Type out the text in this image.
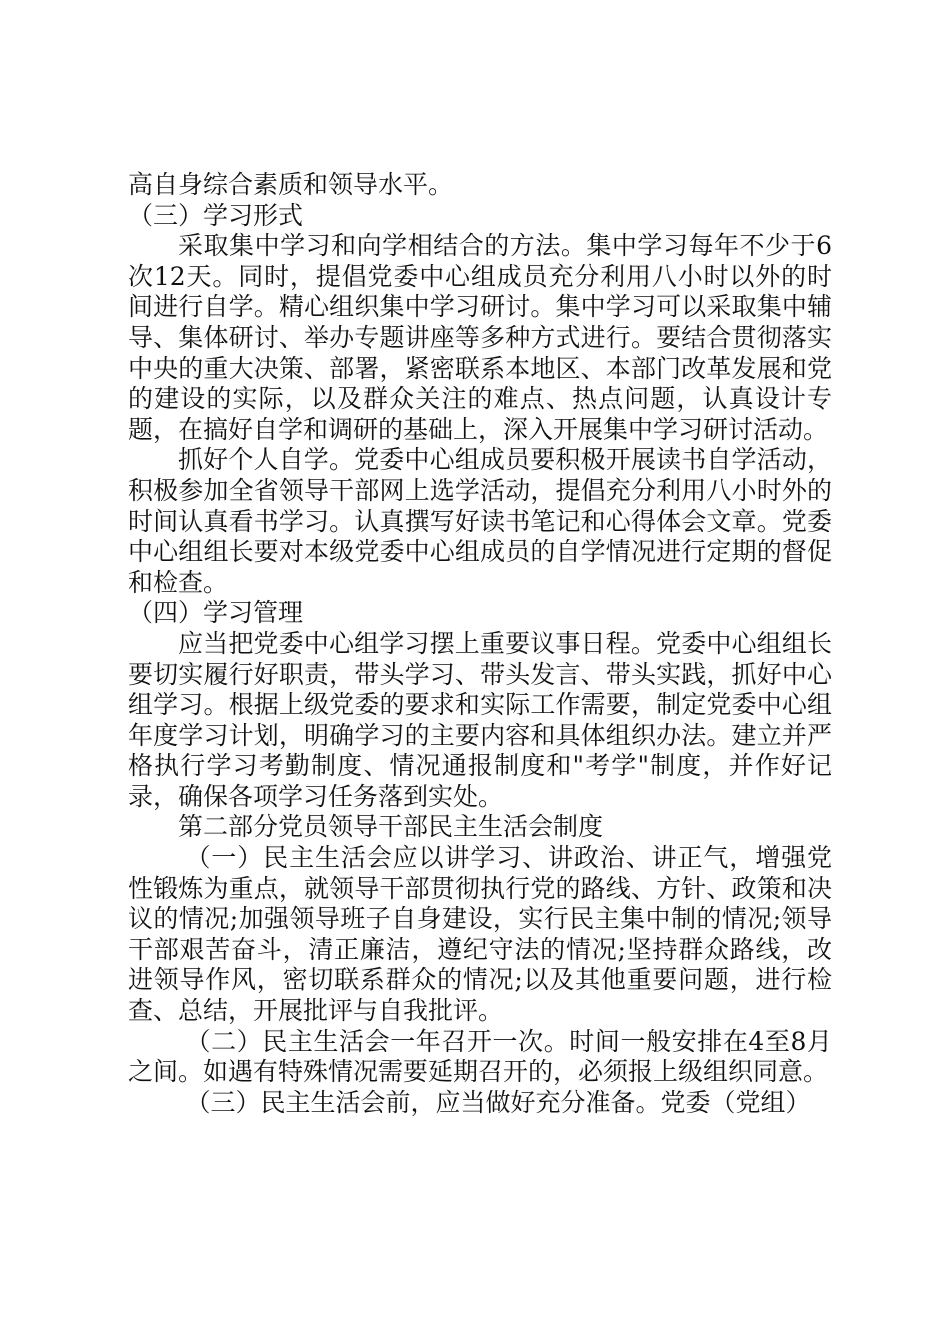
高自身综合素质和领导水平。

（三）学习形式

采取集中学习和向学相结合的方法。集中学习每年不少于6次12天。同时，提倡党委中心组成员充分利用八小时以外的时间进行自学。精心组织集中学习研讨。集中学习可以采取集中辅导、集体研讨、举办专题讲座等多种方式进行。要结合贯彻落实中央的重大决策、部署，紧密联系本地区、本部门改革发展和党的建设的实际，以及群众关注的难点、热点问题，认真设计专题，在搞好自学和调研的基础上，深入开展集中学习研讨活动。

抓好个人自学。党委中心组成员要积极开展读书自学活动，积极参加全省领导干部网上选学活动，提倡充分利用八小时外的时间认真看书学习。认真撰写好读书笔记和心得体会文章。党委中心组组长要对本级党委中心组成员的自学情况进行定期的督促和检查。

（四）学习管理

应当把党委中心组学习摆上重要议事日程。党委中心组组长要切实履行好职责，带头学习、带头发言、带头实践，抓好中心组学习。根据上级党委的要求和实际工作需要，制定党委中心组年度学习计划，明确学习的主要内容和具体组织办法。建立并严格执行学习考勤制度、情况通报制度和"考学"制度，并作好记录，确保各项学习任务落到实处。

第二部分党员领导干部民主生活会制度

（一）民主生活会应以讲学习、讲政治、讲正气，增强党性锻炼为重点，就领导干部贯彻执行党的路线、方针、政策和决议的情况;加强领导班子自身建设，实行民主集中制的情况;领导干部艰苦奋斗，清正廉洁，遵纪守法的情况;坚持群众路线，改进领导作风，密切联系群众的情况;以及其他重要问题，进行检查、总结，开展批评与自我批评。

（二）民主生活会一年召开一次。时间一般安排在4至8月之间。如遇有特殊情况需要延期召开的，必须报上级组织同意。

（三）民主生活会前，应当做好充分准备。党委（党组）
